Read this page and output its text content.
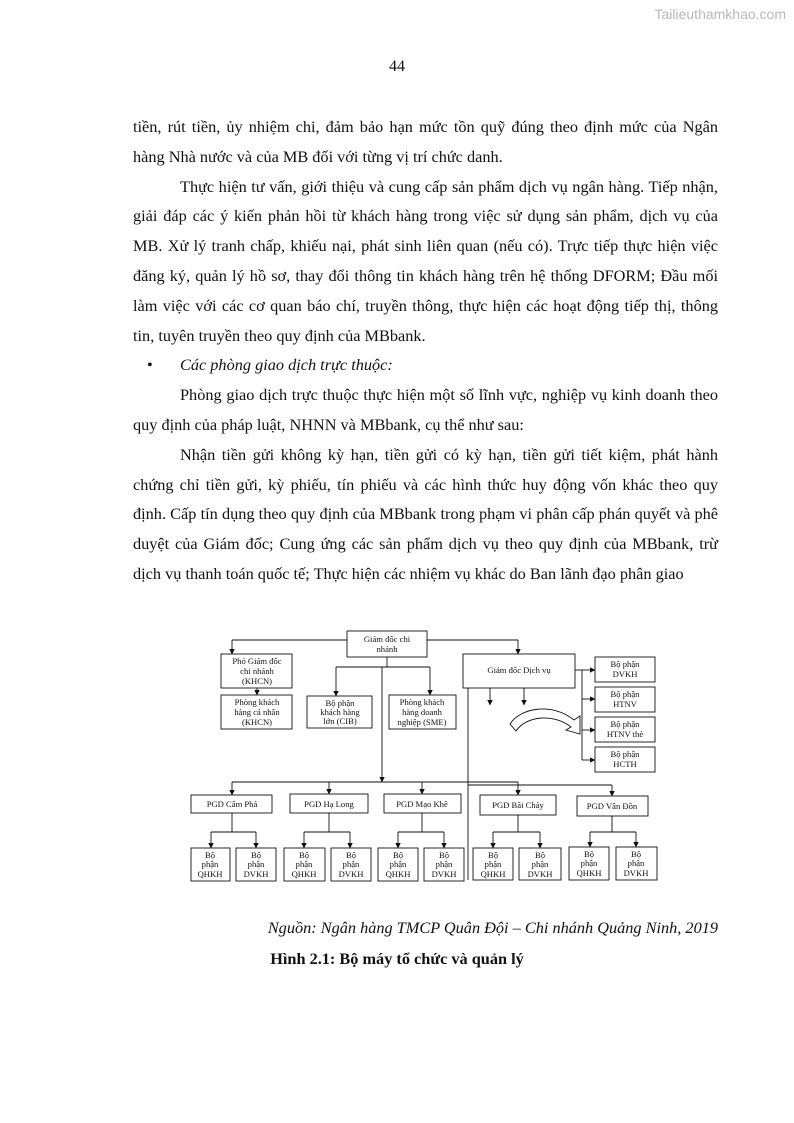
Tailieuthamkhao.com
44

tiền, rút tiền, ủy nhiệm chi, đảm bảo hạn mức tồn quỹ đúng theo định mức của Ngân hàng Nhà nước và của MB đối với từng vị trí chức danh.

Thực hiện tư vấn, giới thiệu và cung cấp sản phẩm dịch vụ ngân hàng. Tiếp nhận, giải đáp các ý kiến phản hồi từ khách hàng trong việc sử dụng sản phẩm, dịch vụ của MB. Xử lý tranh chấp, khiếu nại, phát sinh liên quan (nếu có). Trực tiếp thực hiện việc đăng ký, quản lý hồ sơ, thay đổi thông tin khách hàng trên hệ thống DFORM; Đầu mối làm việc với các cơ quan báo chí, truyền thông, thực hiện các hoạt động tiếp thị, thông tin, tuyên truyền theo quy định của MBbank.

• Các phòng giao dịch trực thuộc:

Phòng giao dịch trực thuộc thực hiện một số lĩnh vực, nghiệp vụ kinh doanh theo quy định của pháp luật, NHNN và MBbank, cụ thể như sau:

Nhận tiền gửi không kỳ hạn, tiền gửi có kỳ hạn, tiền gửi tiết kiệm, phát hành chứng chỉ tiền gửi, kỳ phiếu, tín phiếu và các hình thức huy động vốn khác theo quy định. Cấp tín dụng theo quy định của MBbank trong phạm vi phân cấp phán quyết và phê duyệt của Giám đốc; Cung ứng các sản phẩm dịch vụ theo quy định của MBbank, trừ dịch vụ thanh toán quốc tế; Thực hiện các nhiệm vụ khác do Ban lãnh đạo phân giao

Giám đốc chi
nhánh
Phó Giám đốc
chi nhánh
(KHCN)
Phòng khách
hàng cá nhân
(KHCN)
Bộ phận
khách hàng
lớn (CIB)
Phòng khách
hàng doanh
nghiệp (SME)
Giám đốc Dịch vụ
Bộ phận
DVKH
Bộ phận
HTNV
Bộ phận
HTNV thẻ
Bộ phận
HCTH
PGD Cẩm Phả	PGD Hạ Long	PGD Mạo Khê	PGD Bãi Cháy	PGD Vân Đồn
Bộ
phận
QHKH
Bộ
phận
DVKH
Bộ
phận
QHKH
Bộ
phận
DVKH
Bộ
phận
QHKH
Bộ
phận
DVKH
Bộ
phận
QHKH
Bộ
phận
DVKH
Bộ
phận
QHKH
Bộ
phận
DVKH
Nguồn: Ngân hàng TMCP Quân Đội – Chi nhánh Quảng Ninh, 2019
Hình 2.1: Bộ máy tổ chức và quản lý
